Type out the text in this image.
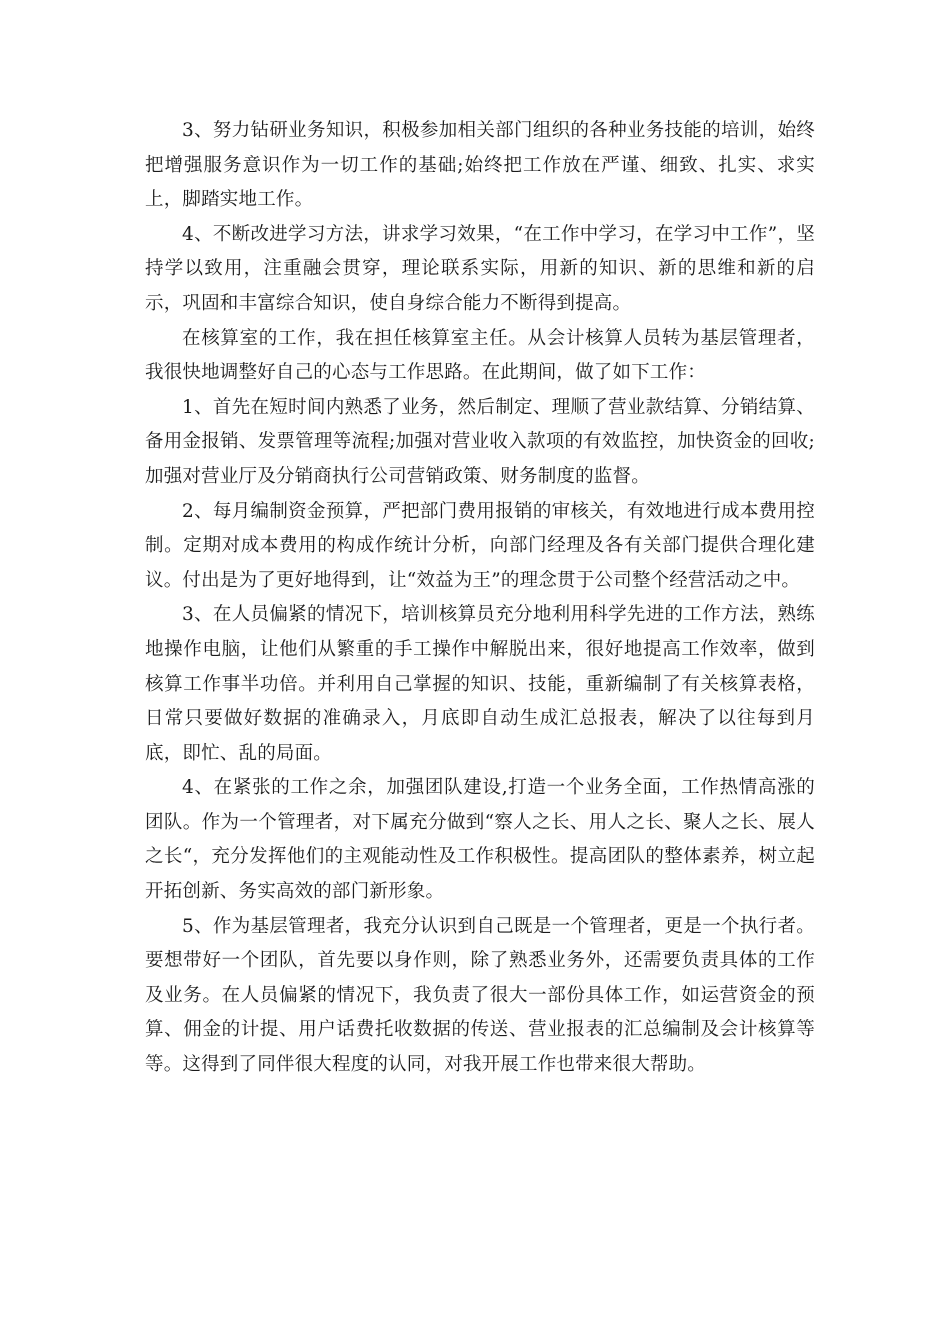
3、努力钻研业务知识，积极参加相关部门组织的各种业务技能的培训，始终把增强服务意识作为一切工作的基础;始终把工作放在严谨、细致、扎实、求实上，脚踏实地工作。

4、不断改进学习方法，讲求学习效果，“在工作中学习，在学习中工作”，坚持学以致用，注重融会贯穿，理论联系实际，用新的知识、新的思维和新的启示，巩固和丰富综合知识，使自身综合能力不断得到提高。

在核算室的工作，我在担任核算室主任。从会计核算人员转为基层管理者，我很快地调整好自己的心态与工作思路。在此期间，做了如下工作：

1、首先在短时间内熟悉了业务，然后制定、理顺了营业款结算、分销结算、备用金报销、发票管理等流程;加强对营业收入款项的有效监控，加快资金的回收;加强对营业厅及分销商执行公司营销政策、财务制度的监督。

2、每月编制资金预算，严把部门费用报销的审核关，有效地进行成本费用控制。定期对成本费用的构成作统计分析，向部门经理及各有关部门提供合理化建议。付出是为了更好地得到，让“效益为王”的理念贯于公司整个经营活动之中。

3、在人员偏紧的情况下，培训核算员充分地利用科学先进的工作方法，熟练地操作电脑，让他们从繁重的手工操作中解脱出来，很好地提高工作效率，做到核算工作事半功倍。并利用自己掌握的知识、技能，重新编制了有关核算表格，日常只要做好数据的准确录入，月底即自动生成汇总报表，解决了以往每到月底，即忙、乱的局面。

4、在紧张的工作之余，加强团队建设,打造一个业务全面，工作热情高涨的团队。作为一个管理者，对下属充分做到“察人之长、用人之长、聚人之长、展人之长“，充分发挥他们的主观能动性及工作积极性。提高团队的整体素养，树立起开拓创新、务实高效的部门新形象。

5、作为基层管理者，我充分认识到自己既是一个管理者，更是一个执行者。要想带好一个团队，首先要以身作则，除了熟悉业务外，还需要负责具体的工作及业务。在人员偏紧的情况下，我负责了很大一部份具体工作，如运营资金的预算、佣金的计提、用户话费托收数据的传送、营业报表的汇总编制及会计核算等等。这得到了同伴很大程度的认同，对我开展工作也带来很大帮助。
